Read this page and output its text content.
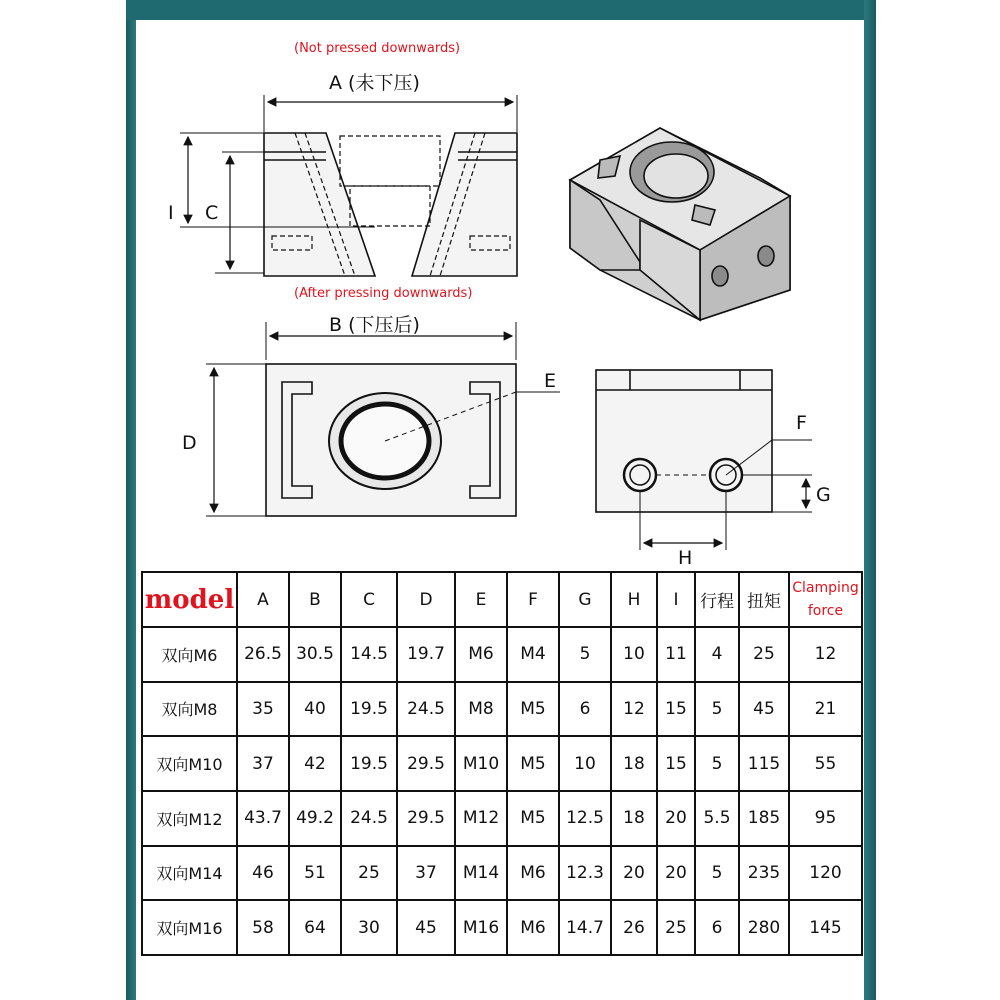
(Not pressed downwards)
A (未下压)
I C
(After pressing downwards)
B (下压后)
D
E
F
G
H
model	A	B	C	D	E	F	G	H	I	行程	扭矩	Clamping
force

双向M6	26.5	30.5	14.5	19.7	M6	M4	5	10	11	4	25	12
双向M8	35	40	19.5	24.5	M8	M5	6	12	15	5	45	21
双向M10	37	42	19.5	29.5	M10	M5	10	18	15	5	115	55
双向M12	43.7	49.2	24.5	29.5	M12	M5	12.5	18	20	5.5	185	95
双向M14	46	51	25	37	M14	M6	12.3	20	20	5	235	120
双向M16	58	64	30	45	M16	M6	14.7	26	25	6	280	145
